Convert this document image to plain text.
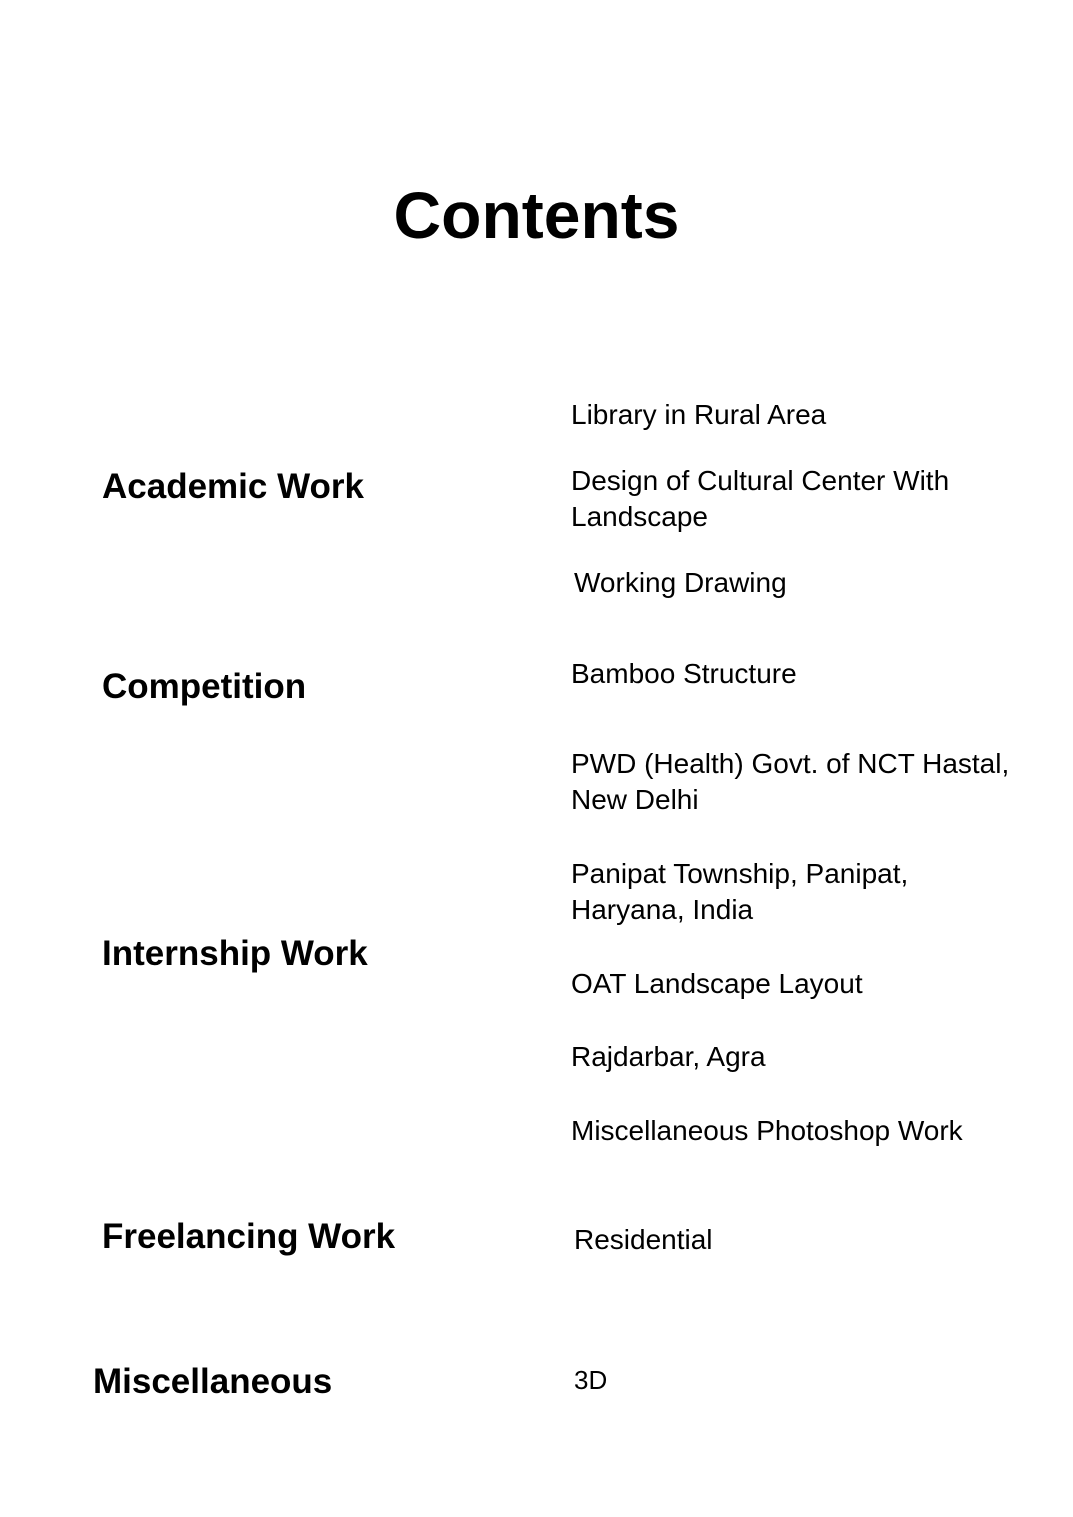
Contents
Academic Work
Competition
Internship Work
Freelancing Work
Miscellaneous
Library in Rural Area
Design of Cultural Center With Landscape
Working Drawing
Bamboo Structure
PWD (Health) Govt. of NCT Hastal, New Delhi
Panipat Township, Panipat, Haryana, India
OAT Landscape Layout
Rajdarbar, Agra
Miscellaneous Photoshop Work
Residential
3D
